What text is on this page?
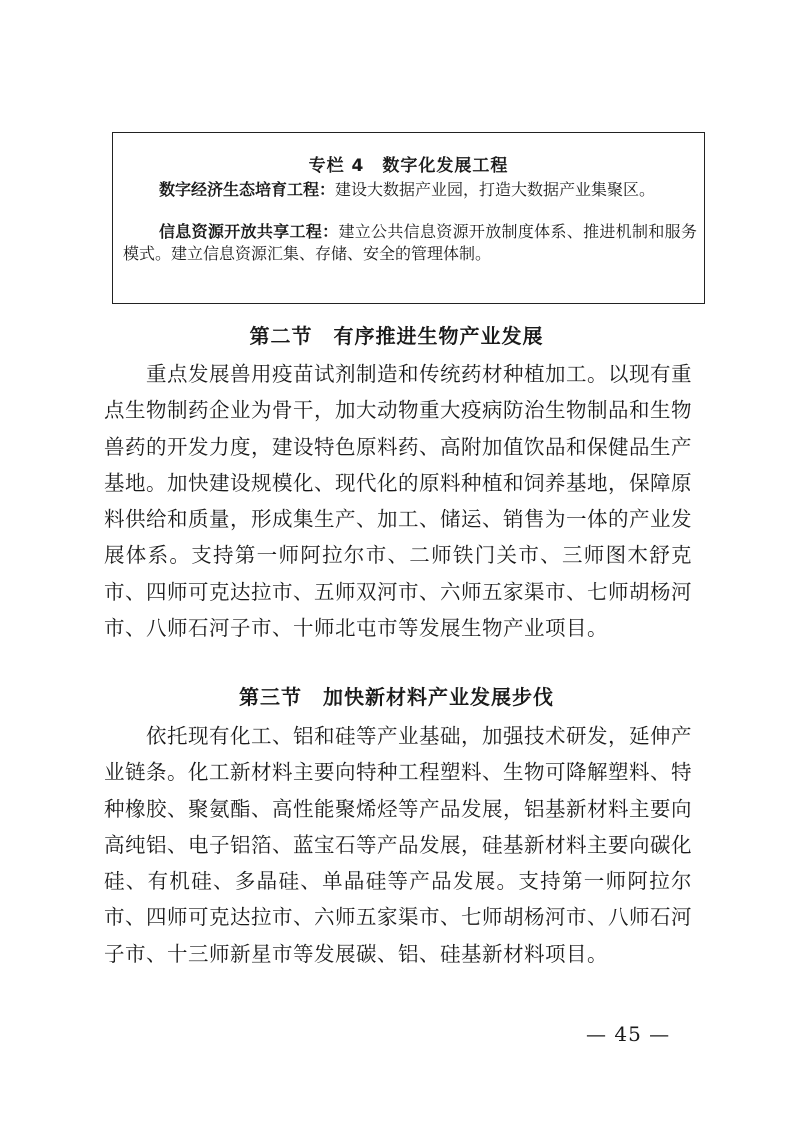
专栏 4　数字化发展工程
数字经济生态培育工程：建设大数据产业园，打造大数据产业集聚区。
信息资源开放共享工程：建立公共信息资源开放制度体系、推进机制和服务模式。建立信息资源汇集、存储、安全的管理体制。
第二节　有序推进生物产业发展
重点发展兽用疫苗试剂制造和传统药材种植加工。以现有重点生物制药企业为骨干，加大动物重大疫病防治生物制品和生物兽药的开发力度，建设特色原料药、高附加值饮品和保健品生产基地。加快建设规模化、现代化的原料种植和饲养基地，保障原料供给和质量，形成集生产、加工、储运、销售为一体的产业发展体系。支持第一师阿拉尔市、二师铁门关市、三师图木舒克市、四师可克达拉市、五师双河市、六师五家渠市、七师胡杨河市、八师石河子市、十师北屯市等发展生物产业项目。
第三节　加快新材料产业发展步伐
依托现有化工、铝和硅等产业基础，加强技术研发，延伸产业链条。化工新材料主要向特种工程塑料、生物可降解塑料、特种橡胶、聚氨酯、高性能聚烯烃等产品发展，铝基新材料主要向高纯铝、电子铝箔、蓝宝石等产品发展，硅基新材料主要向碳化硅、有机硅、多晶硅、单晶硅等产品发展。支持第一师阿拉尔市、四师可克达拉市、六师五家渠市、七师胡杨河市、八师石河子市、十三师新星市等发展碳、铝、硅基新材料项目。
— 45 —
